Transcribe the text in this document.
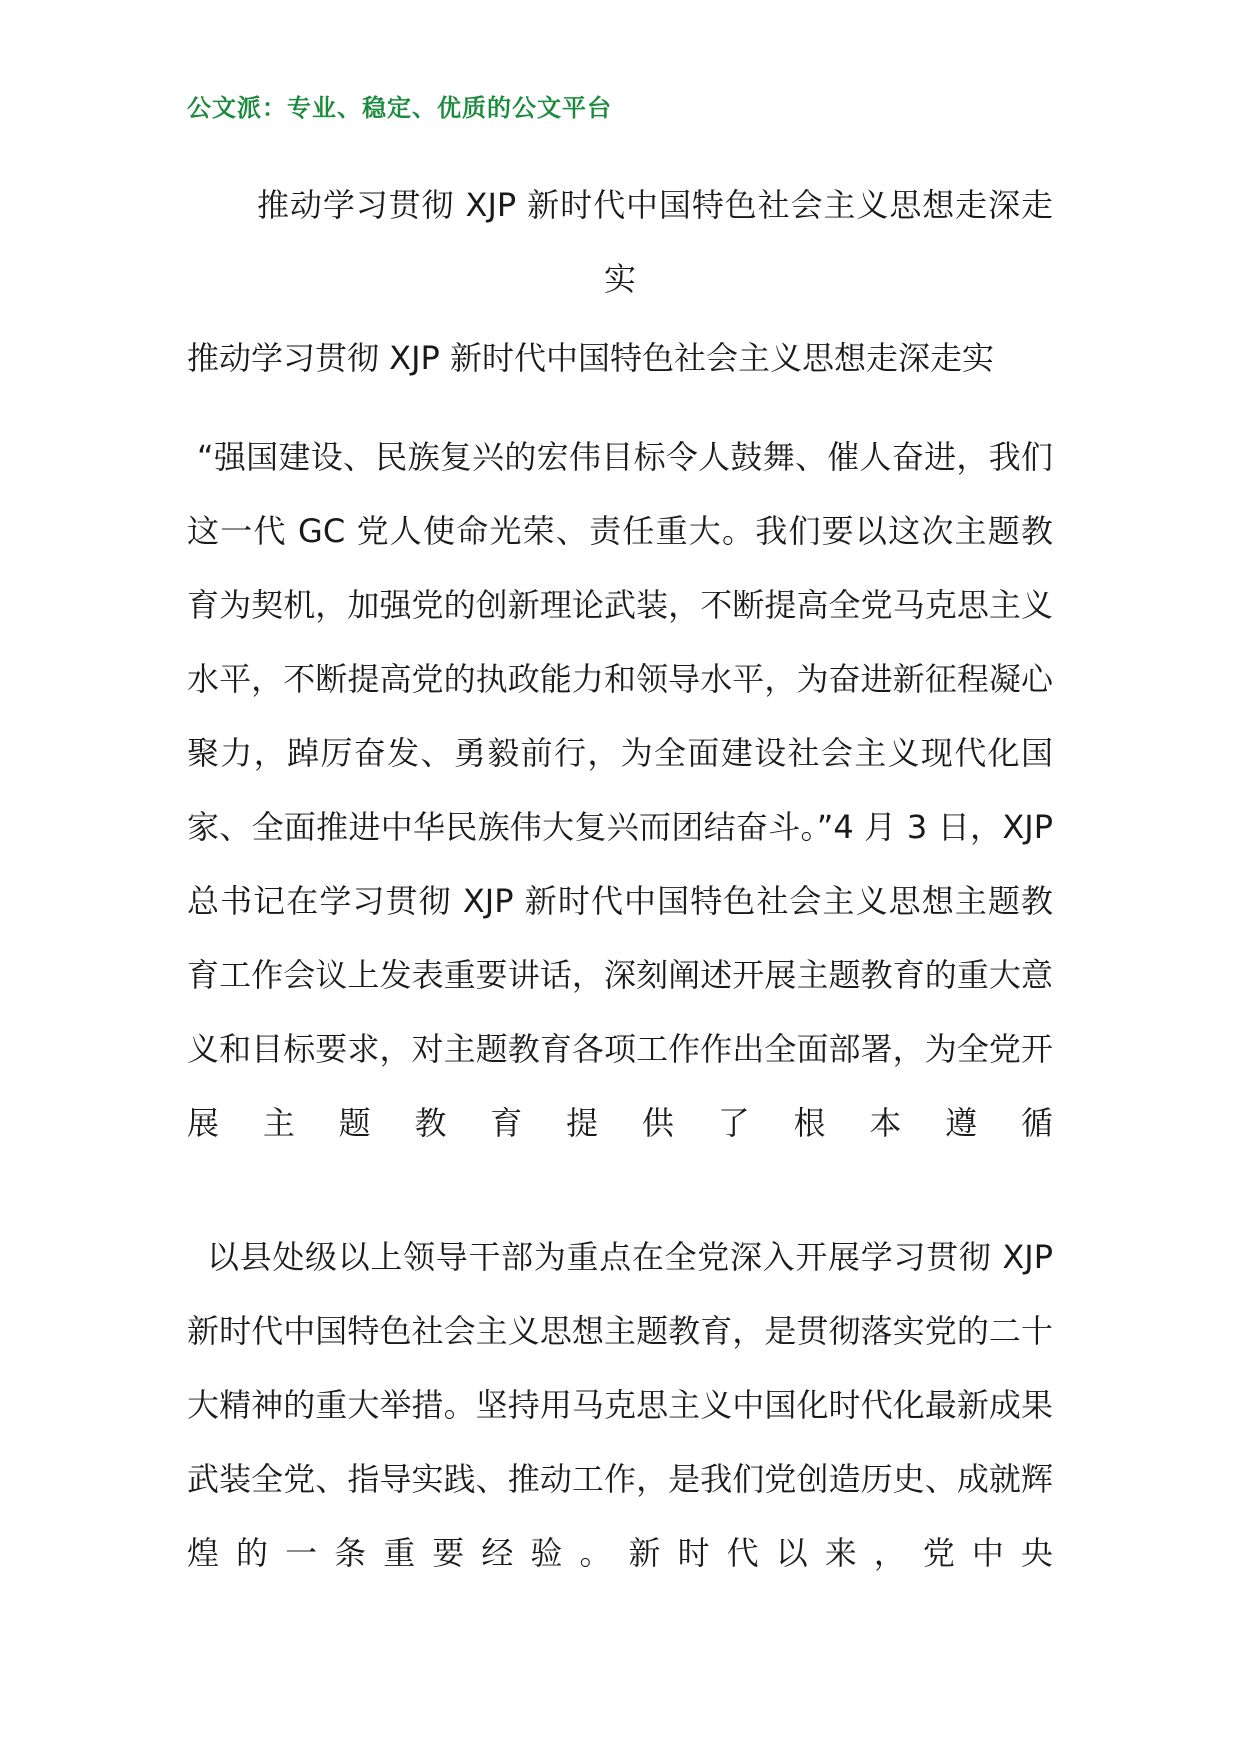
公文派：专业、稳定、优质的公文平台
推动学习贯彻 XJP 新时代中国特色社会主义思想走深走实
推动学习贯彻 XJP 新时代中国特色社会主义思想走深走实

“强国建设、民族复兴的宏伟目标令人鼓舞、催人奋进，我们这一代 GC 党人使命光荣、责任重大。我们要以这次主题教育为契机，加强党的创新理论武装，不断提高全党马克思主义水平，不断提高党的执政能力和领导水平，为奋进新征程凝心聚力，踔厉奋发、勇毅前行，为全面建设社会主义现代化国家、全面推进中华民族伟大复兴而团结奋斗。”4 月 3 日，XJP 总书记在学习贯彻 XJP 新时代中国特色社会主义思想主题教育工作会议上发表重要讲话，深刻阐述开展主题教育的重大意义和目标要求，对主题教育各项工作作出全面部署，为全党开展主题教育提供了根本遵循

以县处级以上领导干部为重点在全党深入开展学习贯彻 XJP 新时代中国特色社会主义思想主题教育，是贯彻落实党的二十大精神的重大举措。坚持用马克思主义中国化时代化最新成果武装全党、指导实践、推动工作，是我们党创造历史、成就辉煌的一条重要经验。新时代以来，党中央
